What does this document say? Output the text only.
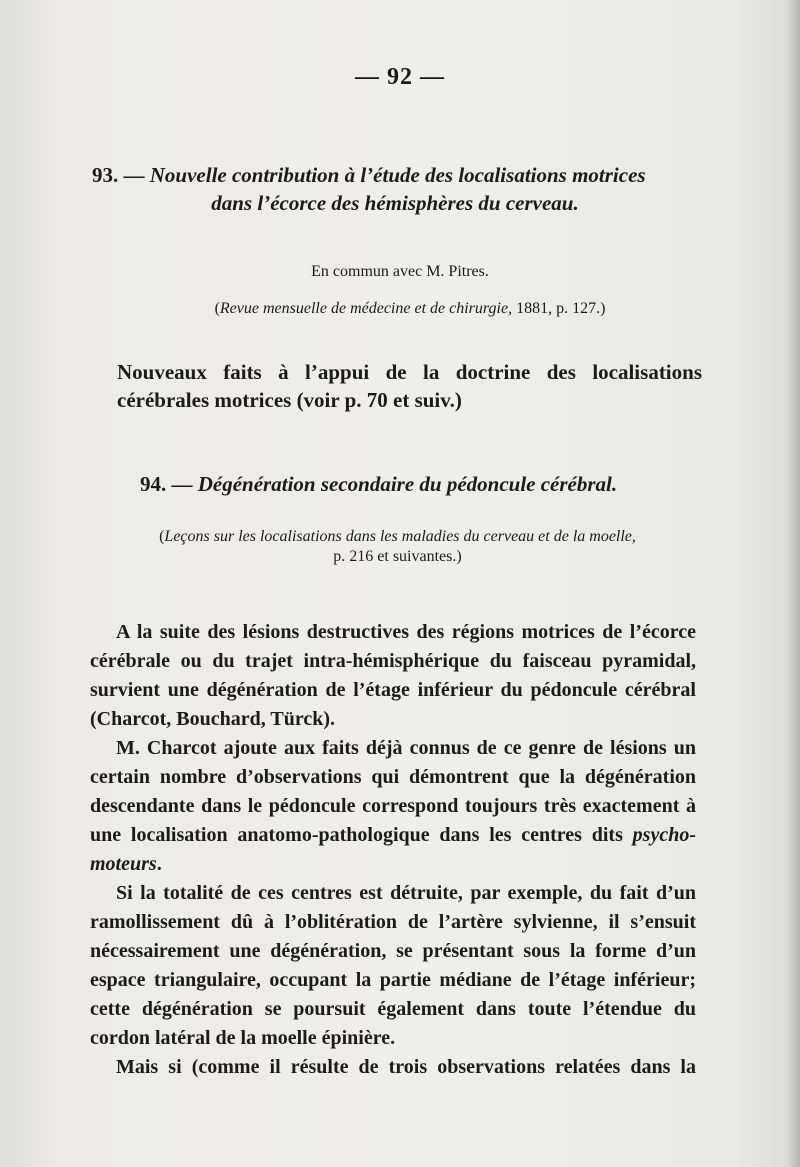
— 92 —
93. — Nouvelle contribution à l’étude des localisations motrices
dans l’écorce des hémisphères du cerveau.
En commun avec M. Pitres.
(Revue mensuelle de médecine et de chirurgie, 1881, p. 127.)
Nouveaux faits à l’appui de la doctrine des localisations cérébrales motrices (voir p. 70 et suiv.)
94. — Dégénération secondaire du pédoncule cérébral.
(Leçons sur les localisations dans les maladies du cerveau et de la moelle,
p. 216 et suivantes.)

A la suite des lésions destructives des régions motrices de l’écorce cérébrale ou du trajet intra-hémisphérique du faisceau pyramidal, survient une dégénération de l’étage inférieur du pédoncule cérébral (Charcot, Bouchard, Türck).

M. Charcot ajoute aux faits déjà connus de ce genre de lésions un certain nombre d’observations qui démontrent que la dégénération descendante dans le pédoncule correspond toujours très exactement à une localisation anatomo-pathologique dans les centres dits psycho-moteurs.

Si la totalité de ces centres est détruite, par exemple, du fait d’un ramollissement dû à l’oblitération de l’artère sylvienne, il s’ensuit nécessairement une dégénération, se présentant sous la forme d’un espace triangulaire, occupant la partie médiane de l’étage inférieur; cette dégénération se poursuit également dans toute l’étendue du cordon latéral de la moelle épinière.

Mais si (comme il résulte de trois observations relatées dans la
